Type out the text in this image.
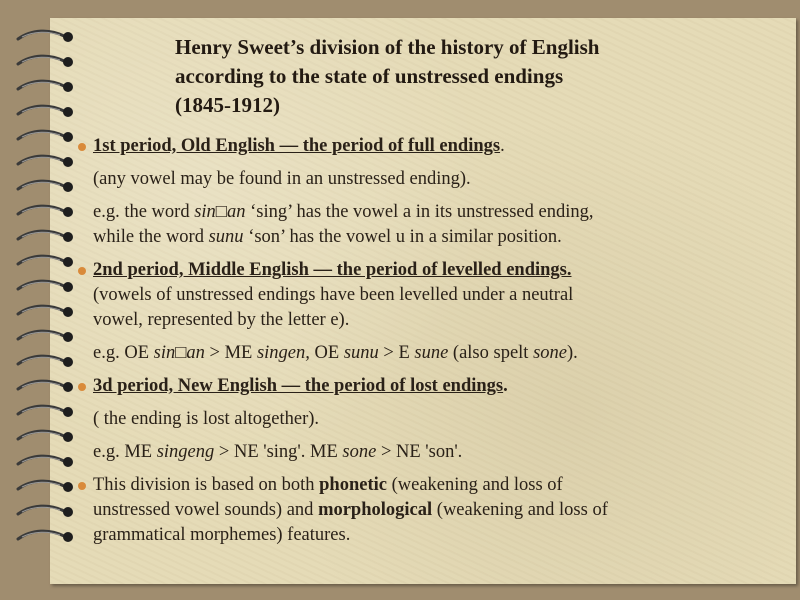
Henry Sweet’s division of the history of English
according to the state of unstressed endings
(1845-1912)
1st period, Old English — the period of full endings.
(any vowel may be found in an unstressed ending).
e.g. the word sin□an ‘sing’ has the vowel a in its unstressed ending,
while the word sunu ‘son’ has the vowel u in a similar position.
2nd period, Middle English — the period of levelled endings.
(vowels of unstressed endings have been levelled under a neutral
vowel, represented by the letter e).
e.g. OE sin□an > ME singen, OE sunu > E sune (also spelt sone).
3d period, New English — the period of lost endings.
( the ending is lost altogether).
e.g. ME singeng > NE 'sing'. ME sone > NE 'son'.
This division is based on both phonetic (weakening and loss of
unstressed vowel sounds) and morphological (weakening and loss of
grammatical morphemes) features.
